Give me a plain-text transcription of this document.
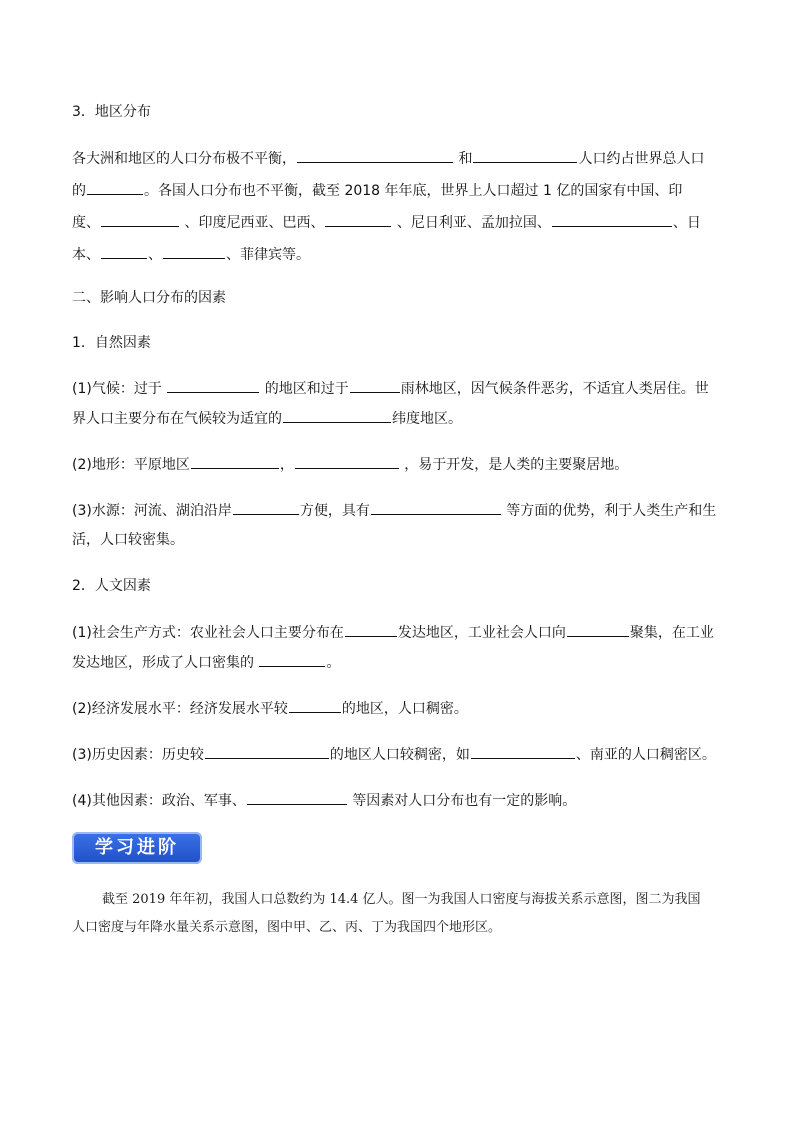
3．地区分布
各大洲和地区的人口分布极不平衡，	和	人口约占世界总人口
的	。各国人口分布也不平衡，截至 2018 年年底，世界上人口超过 1 亿的国家有中国、印
度、	、印度尼西亚、巴西、	、尼日利亚、孟加拉国、	、日
本、	、	、菲律宾等。
二、影响人口分布的因素
1．自然因素
(1)气候：过于	的地区和过于	雨林地区，因气候条件恶劣，不适宜人类居住。世
界人口主要分布在气候较为适宜的	纬度地区。
(2)地形：平原地区	，	，易于开发，是人类的主要聚居地。
(3)水源：河流、湖泊沿岸	方便，具有	等方面的优势，利于人类生产和生
活，人口较密集。
2．人文因素
(1)社会生产方式：农业社会人口主要分布在	发达地区，工业社会人口向	聚集，在工业
发达地区，形成了人口密集的	。
(2)经济发展水平：经济发展水平较	的地区，人口稠密。
(3)历史因素：历史较	的地区人口较稠密，如	、南亚的人口稠密区。
(4)其他因素：政治、军事、	等因素对人口分布也有一定的影响。
学习进阶
截至 2019 年年初，我国人口总数约为 14.4 亿人。图一为我国人口密度与海拔关系示意图，图二为我国
人口密度与年降水量关系示意图，图中甲、乙、丙、丁为我国四个地形区。
